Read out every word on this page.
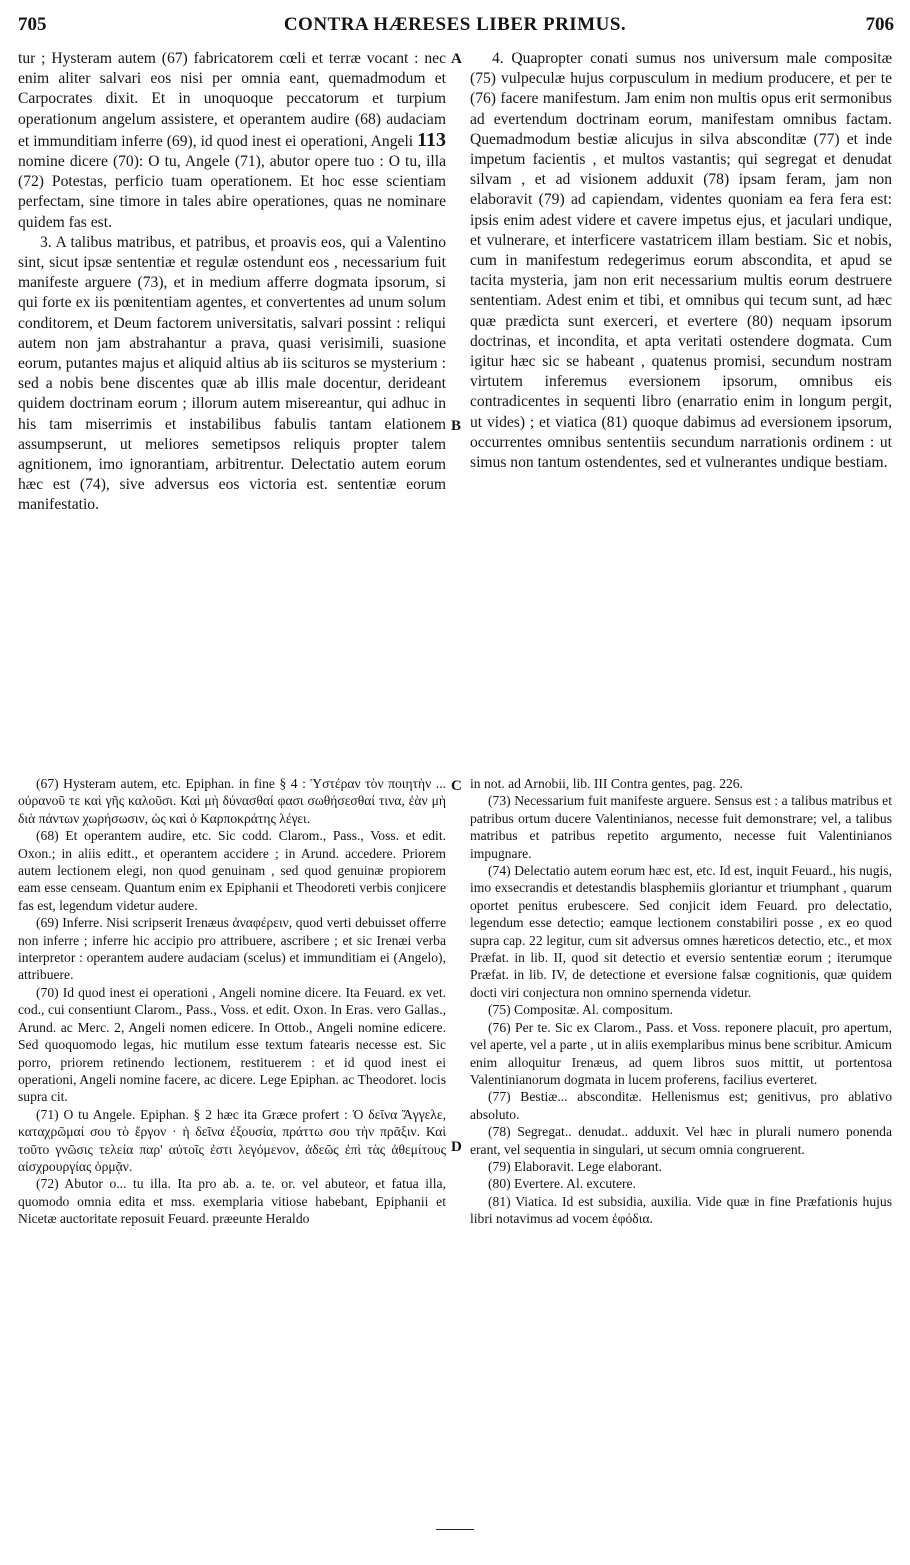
705	CONTRA HÆRESES LIBER PRIMUS.	706
A
B
C
D

tur ; Hysteram autem (67) fabricatorem cœli et terræ vocant : nec enim aliter salvari eos nisi per omnia eant, quemadmodum et Carpocrates dixit. Et in unoquoque peccatorum et turpium operationum angelum assistere, et operantem audire (68) audaciam et immunditiam inferre (69), id quod inest ei operationi, Angeli 113 nomine dicere (70): O tu, Angele (71), abutor opere tuo : O tu, illa (72) Potestas, perficio tuam operationem. Et hoc esse scientiam perfectam, sine timore in tales abire operationes, quas ne nominare quidem fas est.

3. A talibus matribus, et patribus, et proavis eos, qui a Valentino sint, sicut ipsæ sententiæ et regulæ ostendunt eos , necessarium fuit manifeste arguere (73), et in medium afferre dogmata ipsorum, si qui forte ex iis pœnitentiam agentes, et convertentes ad unum solum conditorem, et Deum factorem universitatis, salvari possint : reliqui autem non jam abstrahantur a prava, quasi verisimili, suasione eorum, putantes majus et aliquid altius ab iis scituros se mysterium : sed a nobis bene discentes quæ ab illis male docentur, derideant quidem doctrinam eorum ; illorum autem misereantur, qui adhuc in his tam miserrimis et instabilibus fabulis tantam elationem assumpserunt, ut meliores semetipsos reliquis propter talem agnitionem, imo ignorantiam, arbitrentur. Delectatio autem eorum hæc est (74), sive adversus eos victoria est. sententiæ eorum manifestatio.

4. Quapropter conati sumus nos universum male compositæ (75) vulpeculæ hujus corpusculum in medium producere, et per te (76) facere manifestum. Jam enim non multis opus erit sermonibus ad evertendum doctrinam eorum, manifestam omnibus factam. Quemadmodum bestiæ alicujus in silva absconditæ (77) et inde impetum facientis , et multos vastantis; qui segregat et denudat silvam , et ad visionem adduxit (78) ipsam feram, jam non elaboravit (79) ad capiendam, videntes quoniam ea fera fera est: ipsis enim adest videre et cavere impetus ejus, et jaculari undique, et vulnerare, et interficere vastatricem illam bestiam. Sic et nobis, cum in manifestum redegerimus eorum abscondita, et apud se tacita mysteria, jam non erit necessarium multis eorum destruere sententiam. Adest enim et tibi, et omnibus qui tecum sunt, ad hæc quæ prædicta sunt exerceri, et evertere (80) nequam ipsorum doctrinas, et incondita, et apta veritati ostendere dogmata. Cum igitur hæc sic se habeant , quatenus promisi, secundum nostram virtutem inferemus eversionem ipsorum, omnibus eis contradicentes in sequenti libro (enarratio enim in longum pergit, ut vides) ; et viatica (81) quoque dabimus ad eversionem ipsorum, occurrentes omnibus sententiis secundum narrationis ordinem : ut simus non tantum ostendentes, sed et vulnerantes undique bestiam.

(67) Hysteram autem, etc. Epiphan. in fine § 4 : Ὑστέραν τὸν ποιητὴν ... οὐρανοῦ τε καὶ γῆς καλοῦσι. Καὶ μὴ δύνασθαί φασι σωθήσεσθαί τινα, ἐὰν μὴ διὰ πάντων χωρήσωσιν, ὡς καὶ ὁ Καρποκράτης λέγει.

(68) Et operantem audire, etc. Sic codd. Clarom., Pass., Voss. et edit. Oxon.; in aliis editt., et operantem accidere ; in Arund. accedere. Priorem autem lectionem elegi, non quod genuinam , sed quod genuinæ propiorem eam esse censeam. Quantum enim ex Epiphanii et Theodoreti verbis conjicere fas est, legendum videtur audere.

(69) Inferre. Nisi scripserit Irenæus ἀναφέρειν, quod verti debuisset offerre non inferre ; inferre hic accipio pro attribuere, ascribere ; et sic Irenæi verba interpretor : operantem audere audaciam (scelus) et immunditiam ei (Angelo), attribuere.

(70) Id quod inest ei operationi , Angeli nomine dicere. Ita Feuard. ex vet. cod., cui consentiunt Clarom., Pass., Voss. et edit. Oxon. In Eras. vero Gallas., Arund. ac Merc. 2, Angeli nomen edicere. In Ottob., Angeli nomine edicere. Sed quoquomodo legas, hic mutilum esse textum fatearis necesse est. Sic porro, priorem retinendo lectionem, restituerem : et id quod inest ei operationi, Angeli nomine facere, ac dicere. Lege Epiphan. ac Theodoret. locis supra cit.

(71) O tu Angele. Epiphan. § 2 hæc ita Græce profert : Ὁ δεῖνα Ἄγγελε, καταχρῶμαί σου τὸ ἔργον · ἡ δεῖνα ἐξουσία, πράττω σου τὴν πρᾶξιν. Καὶ τοῦτο γνῶσις τελεία παρ' αὐτοῖς ἐστι λεγόμενον, ἀδεῶς ἐπὶ τὰς ἀθεμίτους αἰσχρουργίας ὁρμᾷν.

(72) Abutor o... tu illa. Ita pro ab. a. te. or. vel abuteor, et fatua illa, quomodo omnia edita et mss. exemplaria vitiose habebant, Epiphanii et Nicetæ auctoritate reposuit Feuard. præeunte Heraldo

in not. ad Arnobii, lib. III Contra gentes, pag. 226.

(73) Necessarium fuit manifeste arguere. Sensus est : a talibus matribus et patribus ortum ducere Valentinianos, necesse fuit demonstrare; vel, a talibus matribus et patribus repetito argumento, necesse fuit Valentinianos impugnare.

(74) Delectatio autem eorum hæc est, etc. Id est, inquit Feuard., his nugis, imo exsecrandis et detestandis blasphemiis gloriantur et triumphant , quarum oportet penitus erubescere. Sed conjicit idem Feuard. pro delectatio, legendum esse detectio; eamque lectionem constabiliri posse , ex eo quod supra cap. 22 legitur, cum sit adversus omnes hæreticos detectio, etc., et mox Præfat. in lib. II, quod sit detectio et eversio sententiæ eorum ; iterumque Præfat. in lib. IV, de detectione et eversione falsæ cognitionis, quæ quidem docti viri conjectura non omnino spernenda videtur.

(75) Compositæ. Al. compositum.

(76) Per te. Sic ex Clarom., Pass. et Voss. reponere placuit, pro apertum, vel aperte, vel a parte , ut in aliis exemplaribus minus bene scribitur. Amicum enim alloquitur Irenæus, ad quem libros suos mittit, ut portentosa Valentinianorum dogmata in lucem proferens, facilius everteret.

(77) Bestiæ... absconditæ. Hellenismus est; genitivus, pro ablativo absoluto.

(78) Segregat.. denudat.. adduxit. Vel hæc in plurali numero ponenda erant, vel sequentia in singulari, ut secum omnia congruerent.

(79) Elaboravit. Lege elaborant.

(80) Evertere. Al. excutere.

(81) Viatica. Id est subsidia, auxilia. Vide quæ in fine Præfationis hujus libri notavimus ad vocem ἐφόδια.
